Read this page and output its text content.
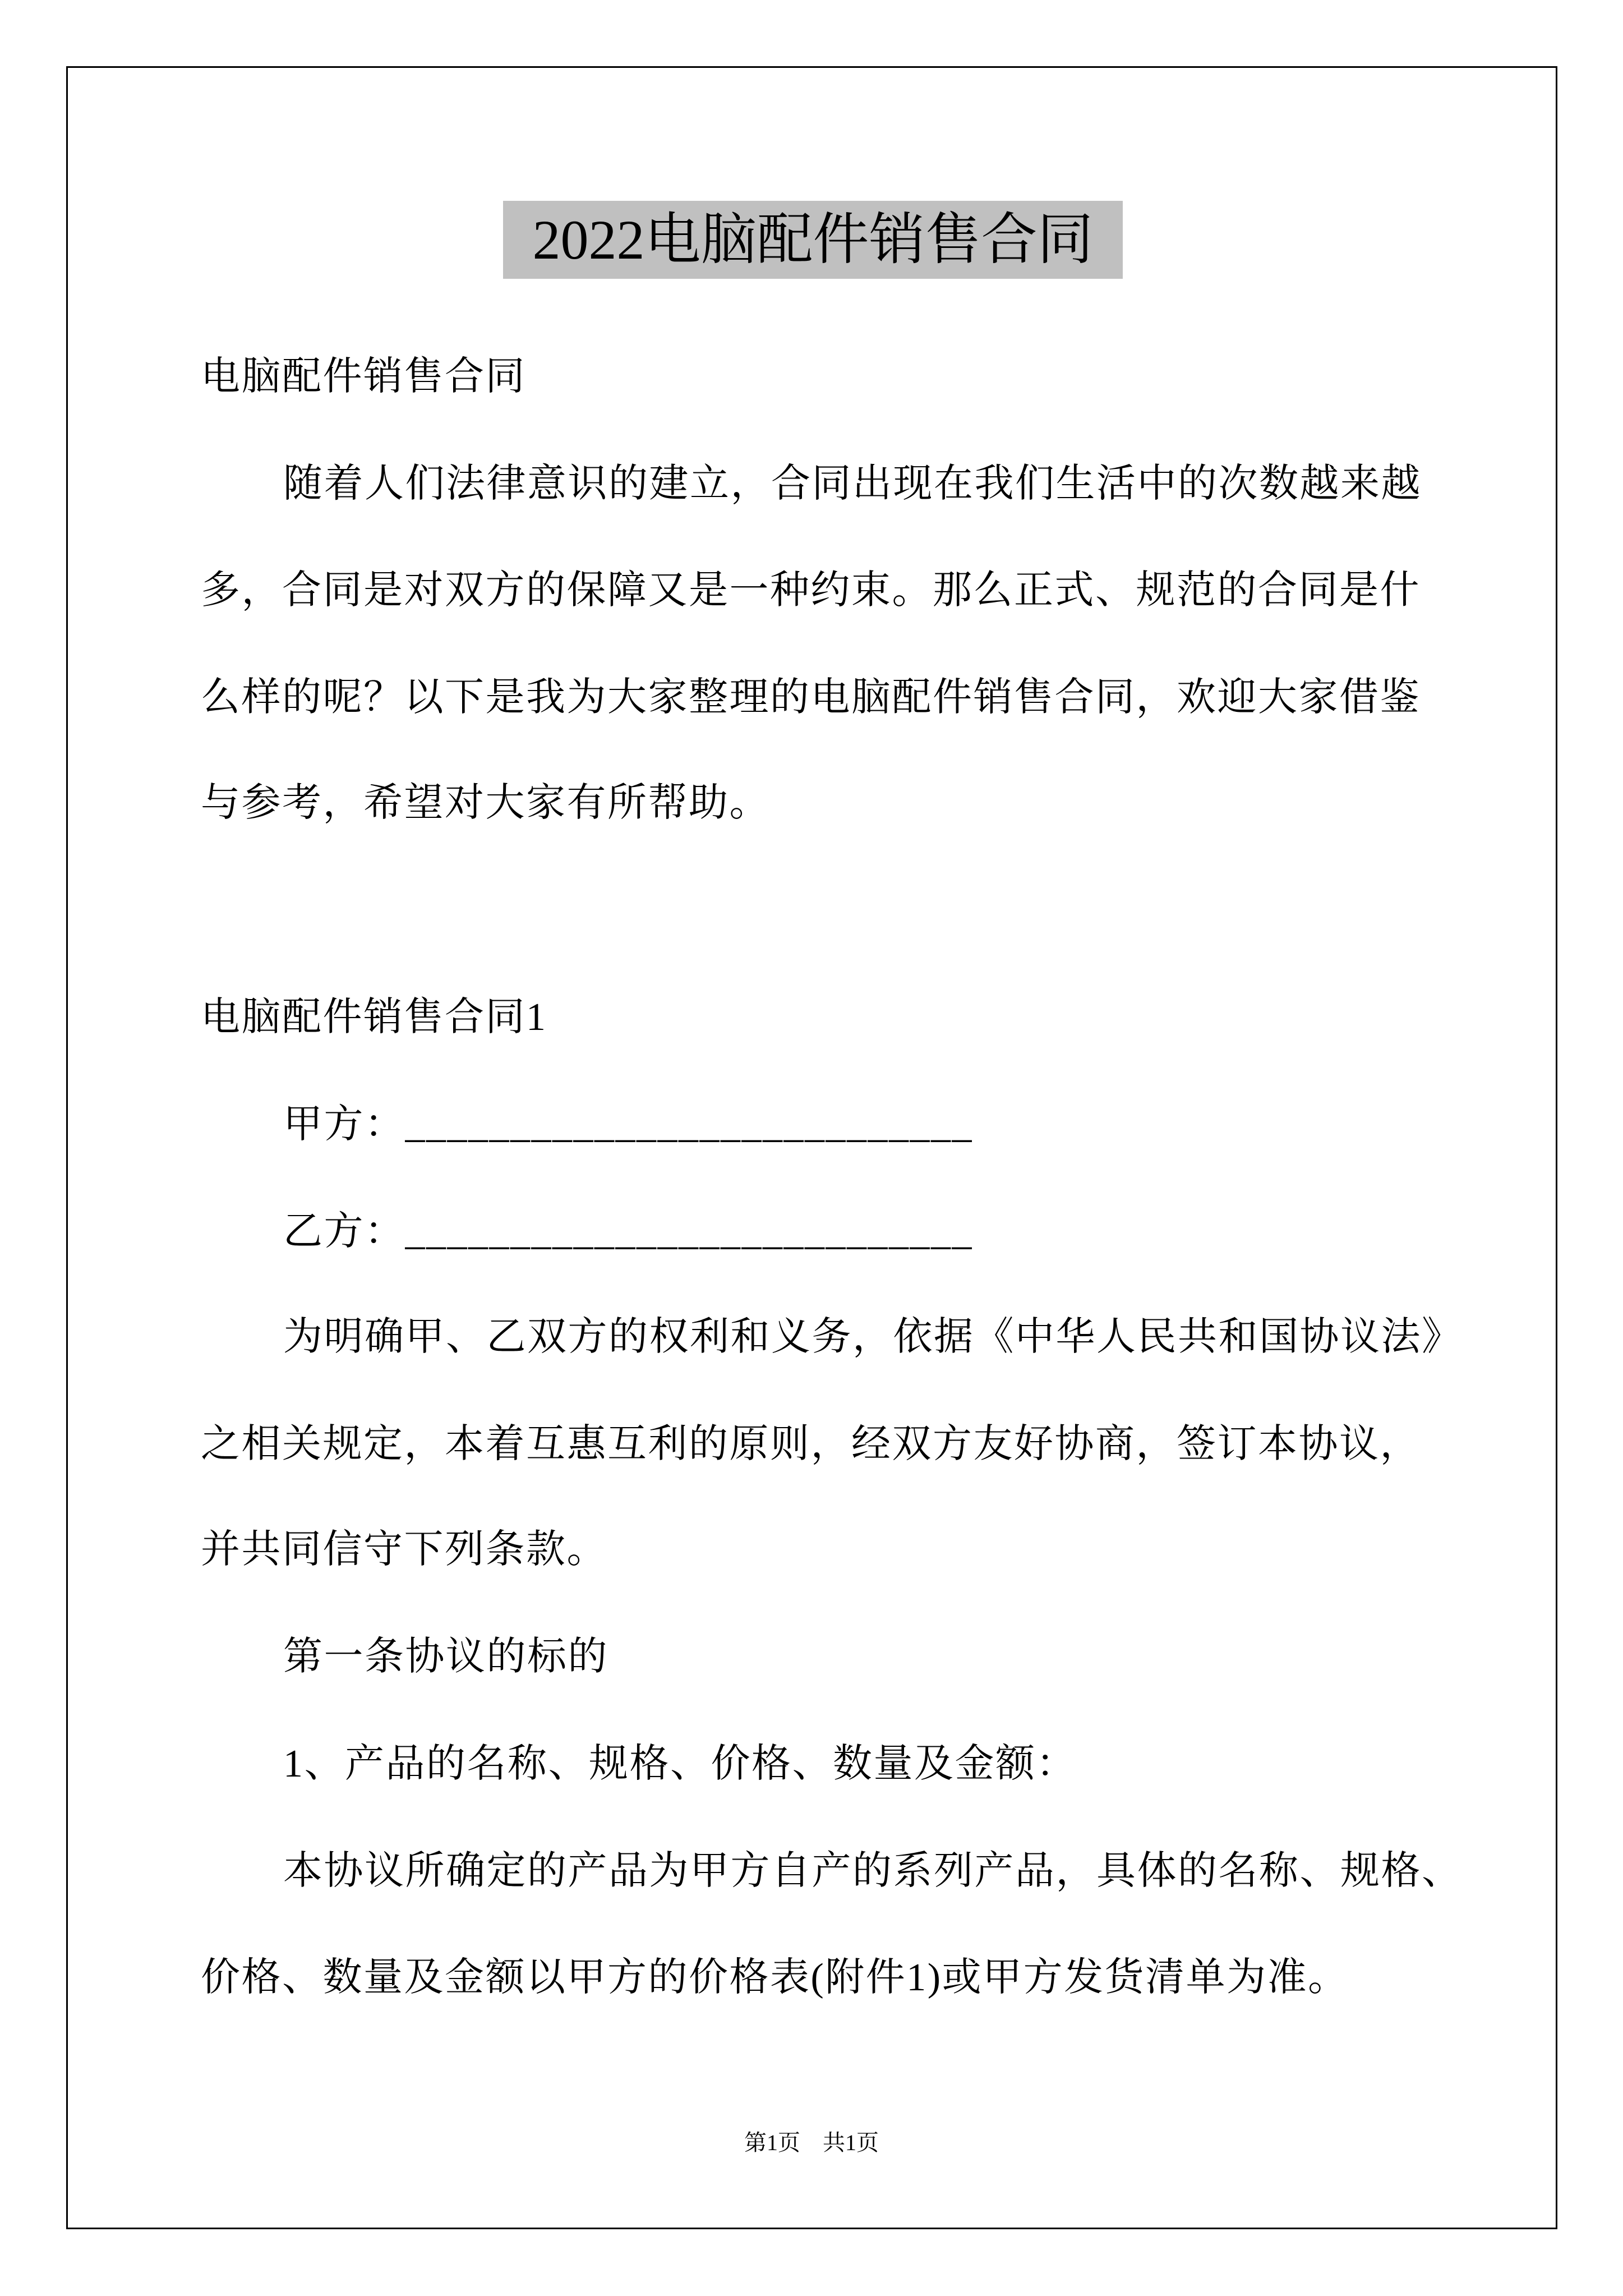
2022电脑配件销售合同
电脑配件销售合同
随着人们法律意识的建立，合同出现在我们生活中的次数越来越
多，合同是对双方的保障又是一种约束。那么正式、规范的合同是什
么样的呢？以下是我为大家整理的电脑配件销售合同，欢迎大家借鉴
与参考，希望对大家有所帮助。
电脑配件销售合同1
甲方：___________________________
乙方：___________________________
为明确甲、乙双方的权利和义务，依据《中华人民共和国协议法》
之相关规定，本着互惠互利的原则，经双方友好协商，签订本协议，
并共同信守下列条款。
第一条协议的标的
1、产品的名称、规格、价格、数量及金额：
本协议所确定的产品为甲方自产的系列产品，具体的名称、规格、
价格、数量及金额以甲方的价格表(附件1)或甲方发货清单为准。
第1页　共1页
